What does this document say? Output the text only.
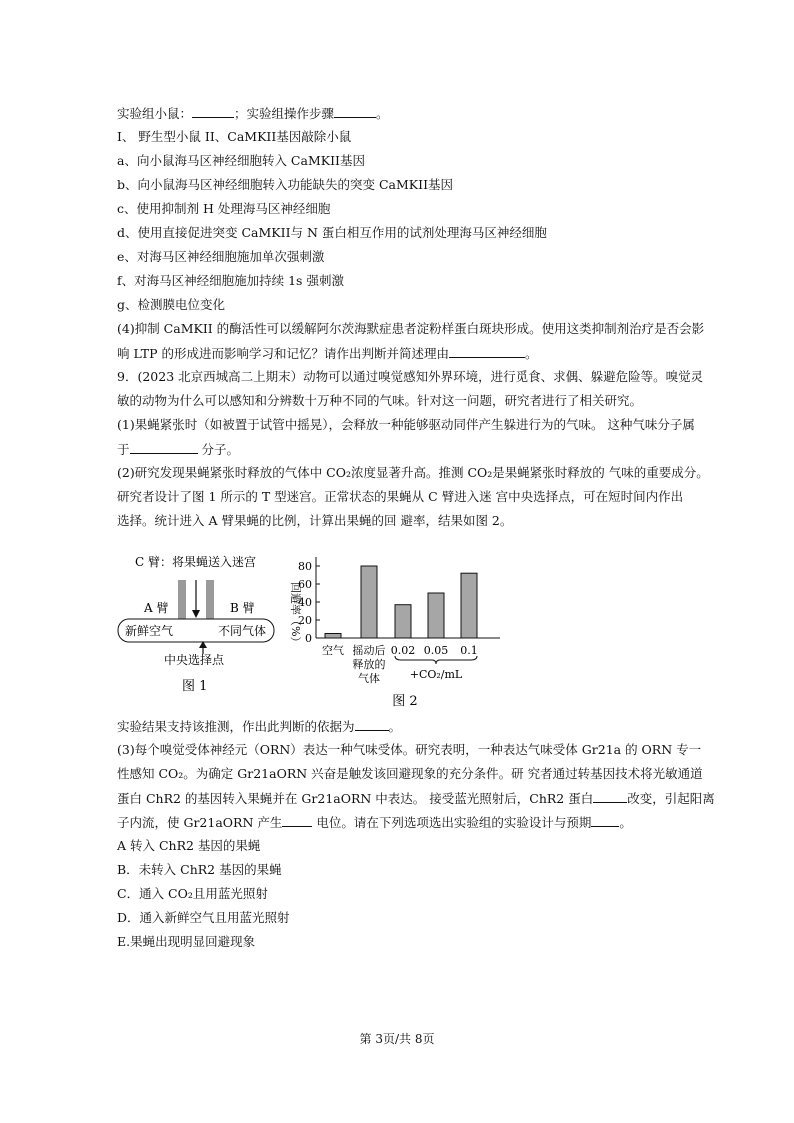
实验组小鼠：	；实验组操作步骤	。
I、 野生型小鼠 II、CaMKII基因敲除小鼠
a、向小鼠海马区神经细胞转入 CaMKII基因
b、向小鼠海马区神经细胞转入功能缺失的突变 CaMKII基因
c、使用抑制剂 H 处理海马区神经细胞
d、使用直接促进突变 CaMKII与 N 蛋白相互作用的试剂处理海马区神经细胞
e、对海马区神经细胞施加单次强刺激
f、对海马区神经细胞施加持续 1s 强刺激
g、检测膜电位变化
(4)抑制 CaMKII 的酶活性可以缓解阿尔茨海默症患者淀粉样蛋白斑块形成。使用这类抑制剂治疗是否会影
响 LTP 的形成进而影响学习和记忆？请作出判断并简述理由	。
9．(2023 北京西城高二上期末）动物可以通过嗅觉感知外界环境，进行觅食、求偶、躲避危险等。嗅觉灵
敏的动物为什么可以感知和分辨数十万种不同的气味。针对这一问题，研究者进行了相关研究。
(1)果蝇紧张时（如被置于试管中摇晃），会释放一种能够驱动同伴产生躲进行为的气味。 这种气味分子属
于	分子。
(2)研究发现果蝇紧张时释放的气体中 CO₂浓度显著升高。推测 CO₂是果蝇紧张时释放的 气味的重要成分。
研究者设计了图 1 所示的 T 型迷宫。正常状态的果蝇从 C 臂进入迷 宫中央选择点，可在短时间内作出
选择。统计进入 A 臂果蝇的比例，计算出果蝇的回 避率，结果如图 2。
C 臂：将果蝇送入迷宫
A 臂	B 臂
新鲜空气	不同气体
中央选择点
图 1
回避率（%） 0
20
40
60
80
空气 摇动后
释放的
气体
0.02 0.05 0.1
+CO₂/mL
图 2
实验结果支持该推测，作出此判断的依据为	。
(3)每个嗅觉受体神经元（ORN）表达一种气味受体。研究表明，一种表达气味受体 Gr21a 的 ORN 专一
性感知 CO₂。为确定 Gr21aORN 兴奋是触发该回避现象的充分条件。研 究者通过转基因技术将光敏通道
蛋白 ChR2 的基因转入果蝇并在 Gr21aORN 中表达。 接受蓝光照射后，ChR2 蛋白	改变，引起阳离
子内流，使 Gr21aORN 产生 电位。请在下列选项选出实验组的实验设计与预期 。
A 转入 ChR2 基因的果蝇
B．未转入 ChR2 基因的果蝇
C．通入 CO₂且用蓝光照射
D．通入新鲜空气且用蓝光照射
E.果蝇出现明显回避现象
第 3页/共 8页
